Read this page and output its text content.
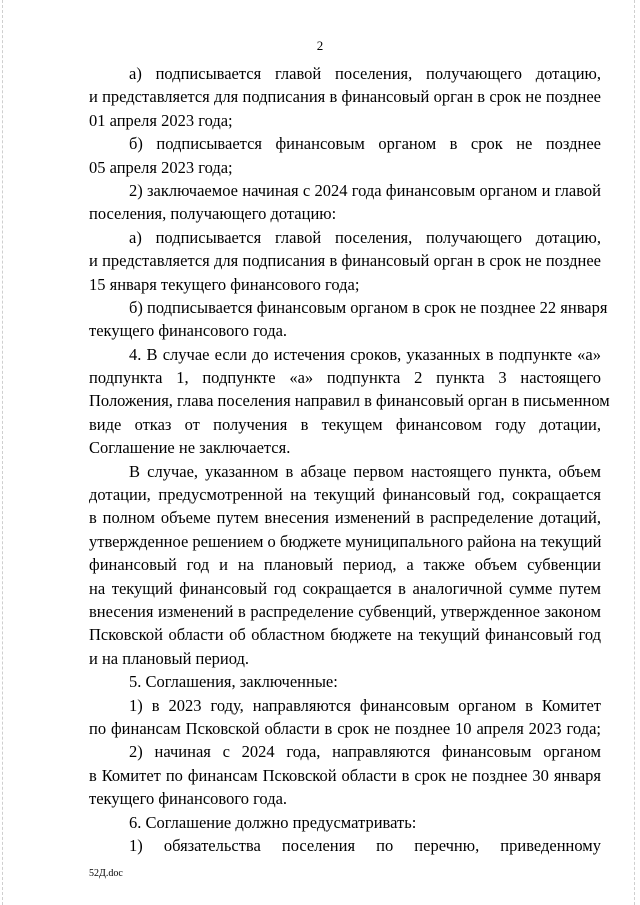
2
а) подписывается главой поселения, получающего дотацию,
и представляется для подписания в финансовый орган в срок не позднее
01 апреля 2023 года;
б) подписывается финансовым органом в срок не позднее
05 апреля 2023 года;
2) заключаемое начиная с 2024 года финансовым органом и главой
поселения, получающего дотацию:
а) подписывается главой поселения, получающего дотацию,
и представляется для подписания в финансовый орган в срок не позднее
15 января текущего финансового года;
б) подписывается финансовым органом в срок не позднее 22 января
текущего финансового года.
4. В случае если до истечения сроков, указанных в подпункте «а»
подпункта 1, подпункте «а» подпункта 2 пункта 3 настоящего
Положения, глава поселения направил в финансовый орган в письменном
виде отказ от получения в текущем финансовом году дотации,
Соглашение не заключается.
В случае, указанном в абзаце первом настоящего пункта, объем
дотации, предусмотренной на текущий финансовый год, сокращается
в полном объеме путем внесения изменений в распределение дотаций,
утвержденное решением о бюджете муниципального района на текущий
финансовый год и на плановый период, а также объем субвенции
на текущий финансовый год сокращается в аналогичной сумме путем
внесения изменений в распределение субвенций, утвержденное законом
Псковской области об областном бюджете на текущий финансовый год
и на плановый период.
5. Соглашения, заключенные:
1) в 2023 году, направляются финансовым органом в Комитет
по финансам Псковской области в срок не позднее 10 апреля 2023 года;
2) начиная с 2024 года, направляются финансовым органом
в Комитет по финансам Псковской области в срок не позднее 30 января
текущего финансового года.
6. Соглашение должно предусматривать:
1) обязательства поселения по перечню, приведенному
52Д.doc
